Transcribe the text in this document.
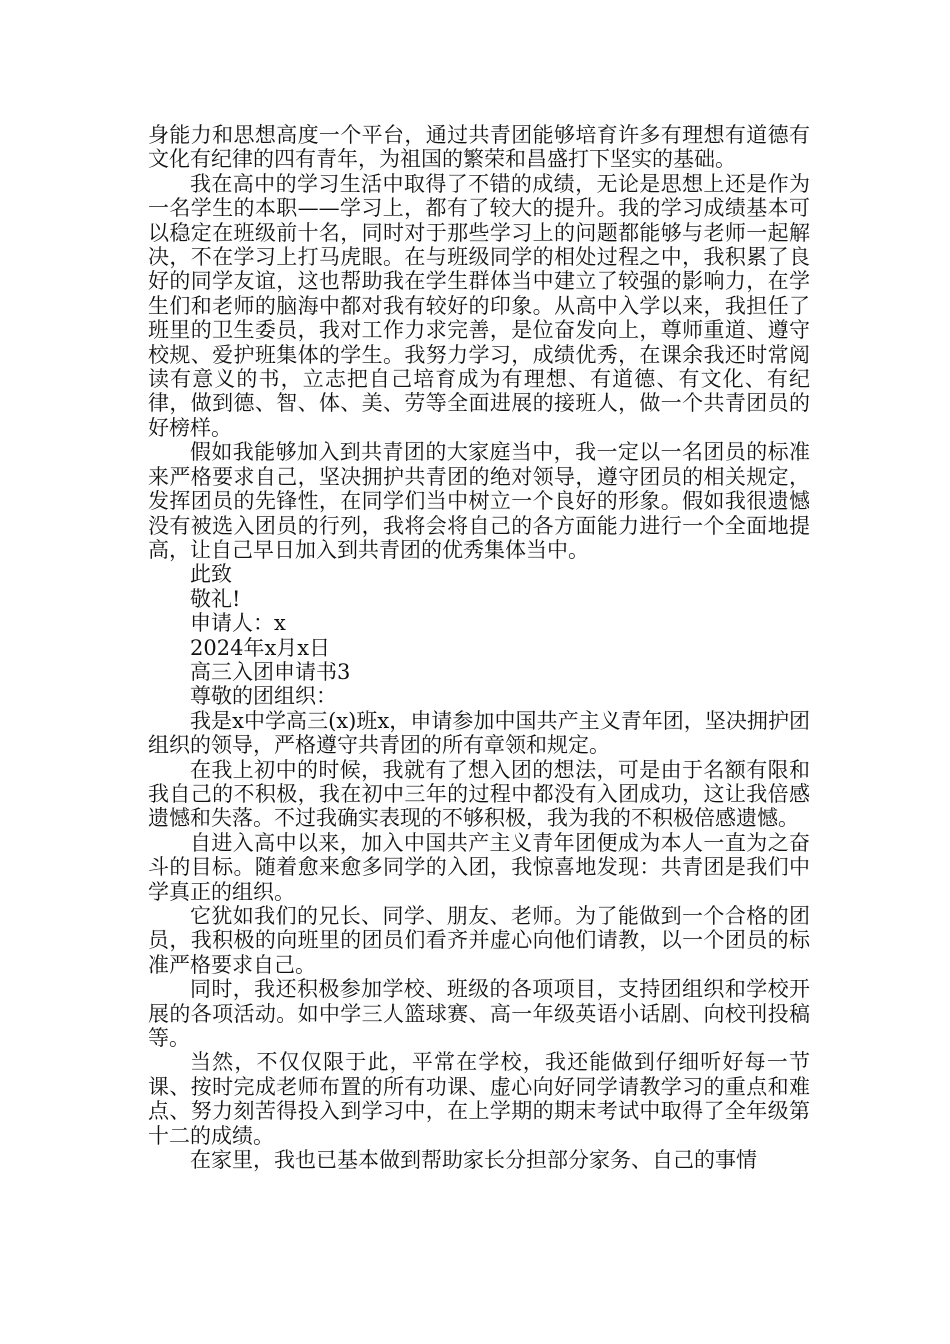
身能力和思想高度一个平台，通过共青团能够培育许多有理想有道德有文化有纪律的四有青年，为祖国的繁荣和昌盛打下坚实的基础。

我在高中的学习生活中取得了不错的成绩，无论是思想上还是作为一名学生的本职——学习上，都有了较大的提升。我的学习成绩基本可以稳定在班级前十名，同时对于那些学习上的问题都能够与老师一起解决，不在学习上打马虎眼。在与班级同学的相处过程之中，我积累了良好的同学友谊，这也帮助我在学生群体当中建立了较强的影响力，在学生们和老师的脑海中都对我有较好的印象。从高中入学以来，我担任了班里的卫生委员，我对工作力求完善，是位奋发向上，尊师重道、遵守校规、爱护班集体的学生。我努力学习，成绩优秀，在课余我还时常阅读有意义的书，立志把自己培育成为有理想、有道德、有文化、有纪律，做到德、智、体、美、劳等全面进展的接班人，做一个共青团员的好榜样。

假如我能够加入到共青团的大家庭当中，我一定以一名团员的标准来严格要求自己，坚决拥护共青团的绝对领导，遵守团员的相关规定，发挥团员的先锋性，在同学们当中树立一个良好的形象。假如我很遗憾没有被选入团员的行列，我将会将自己的各方面能力进行一个全面地提高，让自己早日加入到共青团的优秀集体当中。

此致

敬礼!

申请人：x

2024年x月x日

高三入团申请书3

尊敬的团组织：

我是x中学高三(x)班x，申请参加中国共产主义青年团，坚决拥护团组织的领导，严格遵守共青团的所有章领和规定。

在我上初中的时候，我就有了想入团的想法，可是由于名额有限和我自己的不积极，我在初中三年的过程中都没有入团成功，这让我倍感遗憾和失落。不过我确实表现的不够积极，我为我的不积极倍感遗憾。

自进入高中以来，加入中国共产主义青年团便成为本人一直为之奋斗的目标。随着愈来愈多同学的入团，我惊喜地发现：共青团是我们中学真正的组织。

它犹如我们的兄长、同学、朋友、老师。为了能做到一个合格的团员，我积极的向班里的团员们看齐并虚心向他们请教，以一个团员的标准严格要求自己。

同时，我还积极参加学校、班级的各项项目，支持团组织和学校开展的各项活动。如中学三人篮球赛、高一年级英语小话剧、向校刊投稿等。

当然，不仅仅限于此，平常在学校，我还能做到仔细听好每一节课、按时完成老师布置的所有功课、虚心向好同学请教学习的重点和难点、努力刻苦得投入到学习中，在上学期的期末考试中取得了全年级第十二的成绩。

在家里，我也已基本做到帮助家长分担部分家务、自己的事情
